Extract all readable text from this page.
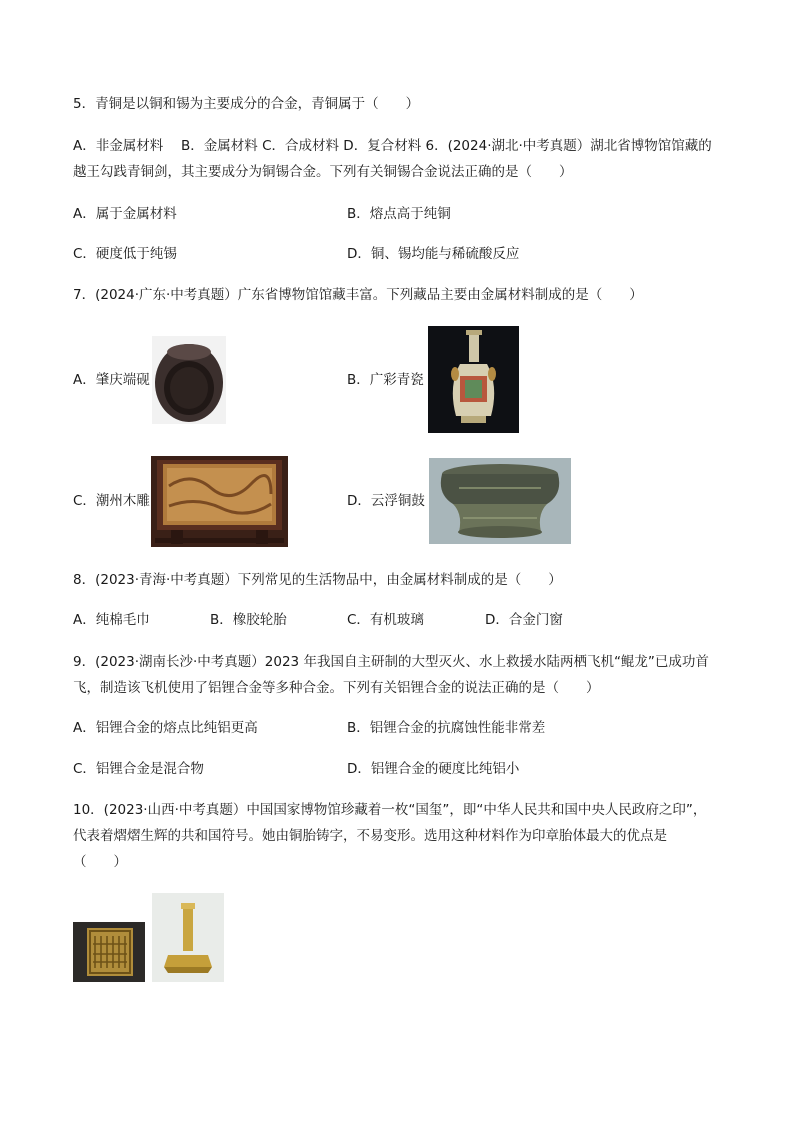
5．青铜是以铜和锡为主要成分的合金，青铜属于（　　）
A．非金属材料　 B．金属材料 C．合成材料 D．复合材料 6．(2024·湖北·中考真题）湖北省博物馆馆藏的
越王勾践青铜剑，其主要成分为铜锡合金。下列有关铜锡合金说法正确的是（　　）
A．属于金属材料	B．熔点高于纯铜
C．硬度低于纯锡	D．铜、锡均能与稀硫酸反应
7．(2024·广东·中考真题）广东省博物馆馆藏丰富。下列藏品主要由金属材料制成的是（　　）
A．肇庆端砚	B．广彩青瓷
C．潮州木雕	D．云浮铜鼓
8．(2023·青海·中考真题）下列常见的生活物品中，由金属材料制成的是（　　）
A．纯棉毛巾	B．橡胶轮胎	C．有机玻璃	D．合金门窗
9．(2023·湖南长沙·中考真题）2023 年我国自主研制的大型灭火、水上救援水陆两栖飞机“鲲龙”已成功首
飞，制造该飞机使用了铝锂合金等多种合金。下列有关铝锂合金的说法正确的是（　　）
A．铝锂合金的熔点比纯铝更高	B．铝锂合金的抗腐蚀性能非常差
C．铝锂合金是混合物	D．铝锂合金的硬度比纯铝小
10．(2023·山西·中考真题）中国国家博物馆珍藏着一枚“国玺”，即“中华人民共和国中央人民政府之印”，
代表着熠熠生辉的共和国符号。她由铜胎铸字，不易变形。选用这种材料作为印章胎体最大的优点是
（　　）
